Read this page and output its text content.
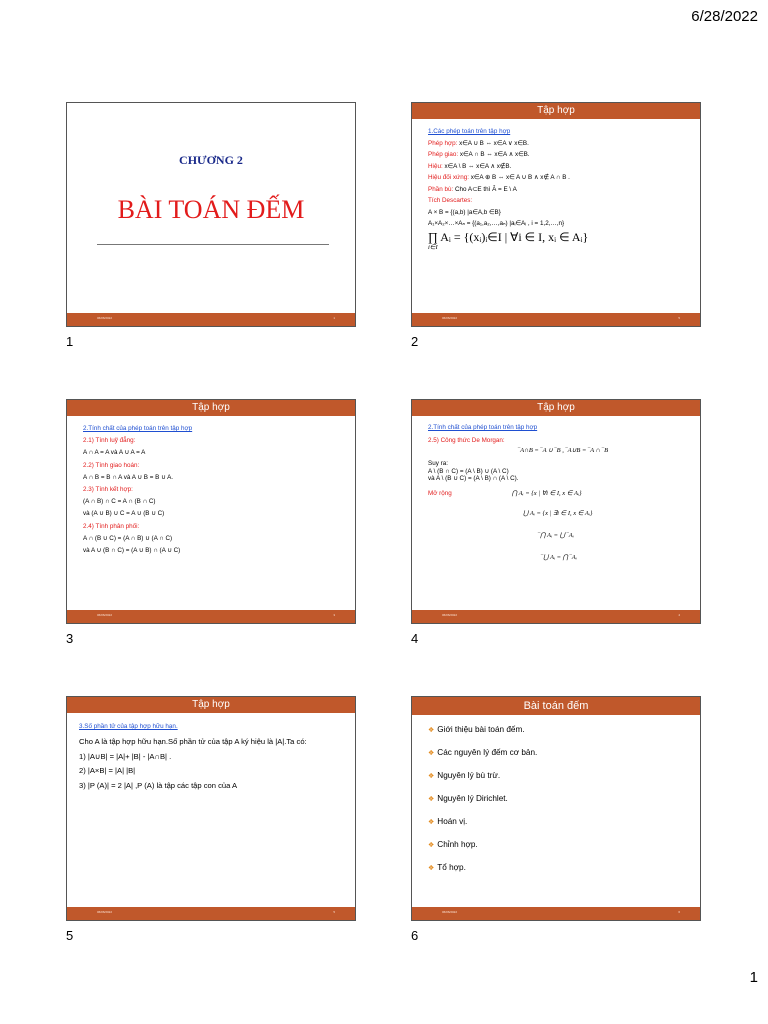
6/28/2022
CHƯƠNG 2
BÀI TOÁN ĐẾM
06/06/2022	1
1
Tập hợp

1.Các phép toán trên tập hợp

Phép hợp: x∈A ∪ B ⇔ x∈A ∨ x∈B.

Phép giao: x∈A ∩ B ⇔ x∈A ∧ x∈B.

Hiệu: x∈A \ B ⇔ x∈A ∧ x∉B.

Hiệu đối xứng: x∈A ⊕ B ⇔ x∈ A ∪ B ∧ x∉ A ∩ B .

Phần bù: Cho A⊂E thì Ā = E \ A

Tích Descartes:

A × B = {(a,b) |a∈A,b ∈B}

A₁×A₂×…×Aₙ = {(a₁,a₂,…,aₙ) |aᵢ∈Aᵢ , i = 1,2,…,n}

∏ Aᵢ = {(xᵢ)ᵢ∈I | ∀i ∈ I, xᵢ ∈ Aᵢ}

i∈I

06/06/2022	5
2
Tập hợp

2.Tính chất của phép toán trên tập hợp

2.1) Tính luỹ đẳng:

A ∩ A = A và A ∪ A = A

2.2) Tính giao hoán:

A ∩ B = B ∩ A và A ∪ B = B ∪ A.

2.3) Tính kết hợp:

(A ∩ B) ∩ C = A ∩ (B ∩ C)

và (A ∪ B) ∪ C = A ∪ (B ∪ C)

2.4) Tính phân phối:

A ∩ (B ∪ C) = (A ∩ B) ∪ (A ∩ C)

và A ∪ (B ∩ C) = (A ∪ B) ∩ (A ∪ C)

06/06/2022	3
3
Tập hợp

2.Tính chất của phép toán trên tập hợp

2.5) Công thức De Morgan:

‾A∩B = ‾A ∪ ‾B , ‾A∪B = ‾A ∩ ‾B

Suy ra:

A \ (B ∩ C) = (A \ B) ∪ (A \ C)

và A \ (B ∪ C) = (A \ B) ∩ (A \ C).

Mở rộng	⋂ Aᵢ = {x | ∀i ∈ I, x ∈ Aᵢ}

⋃ Aᵢ = {x | ∃i ∈ I, x ∈ Aᵢ}

‾⋂ Aᵢ = ⋃ ‾Aᵢ

‾⋃ Aᵢ = ⋂ ‾Aᵢ

06/06/2022	4
4
Tập hợp

3.Số phần tử của tập hợp hữu hạn.

Cho A là tập hợp hữu hạn.Số phần tử của tập A ký hiệu là |A|.Ta có:

1) |A∪B| = |A|+ |B| - |A∩B| .

2) |A×B| = |A| |B|

3) |P (A)| = 2 |A| ,P (A) là tập các tập con của A

06/06/2022	5
5
Bài toán đếm

❖ Giới thiệu bài toán đếm.

❖ Các nguyên lý đếm cơ bản.

❖ Nguyên lý bù trừ.

❖ Nguyên lý Dirichlet.

❖ Hoán vị.

❖ Chỉnh hợp.

❖ Tổ hợp.

06/06/2022	6
6
1
